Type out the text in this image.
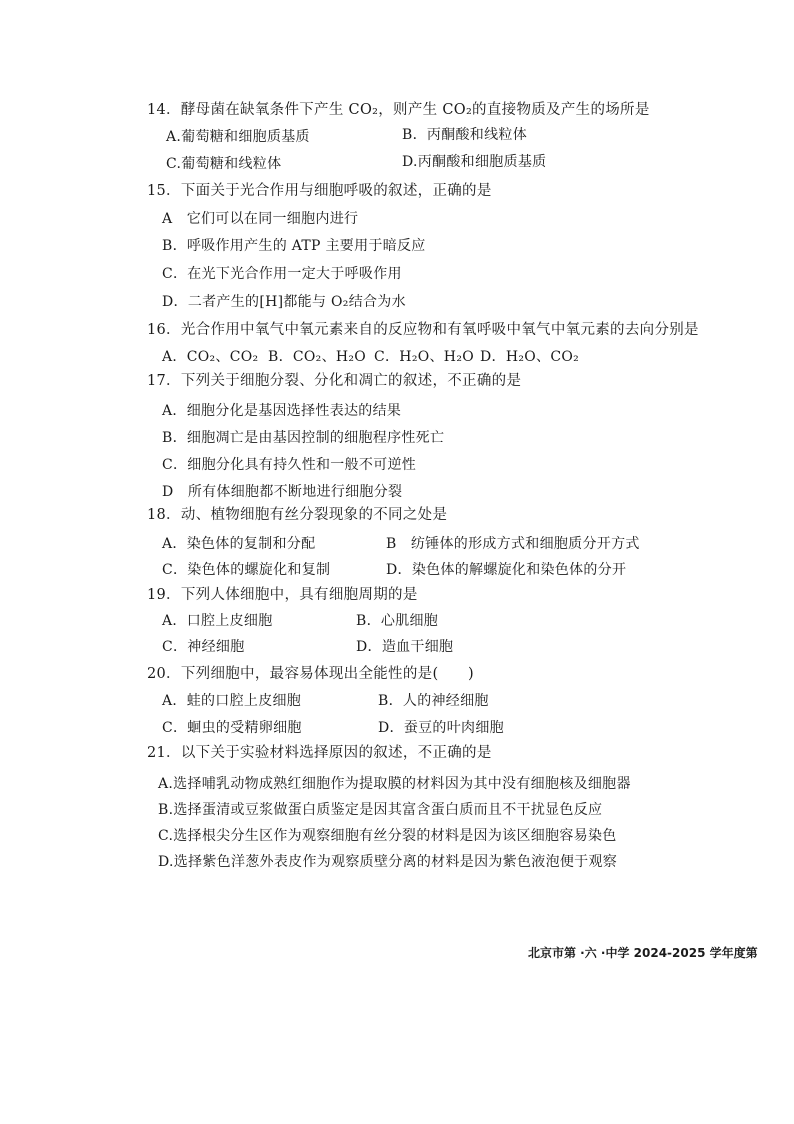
14．酵母菌在缺氧条件下产生 CO₂，则产生 CO₂的直接物质及产生的场所是
A.葡萄糖和细胞质基质	B．丙酮酸和线粒体
C.葡萄糖和线粒体	D.丙酮酸和细胞质基质
15．下面关于光合作用与细胞呼吸的叙述，正确的是
A　它们可以在同一细胞内进行
B．呼吸作用产生的 ATP 主要用于暗反应
C．在光下光合作用一定大于呼吸作用
D．二者产生的[H]都能与 O₂结合为水
16．光合作用中氧气中氧元素来自的反应物和有氧呼吸中氧气中氧元素的去向分别是
A．CO₂、CO₂ B．CO₂、H₂O C．H₂O、H₂O D．H₂O、CO₂
17．下列关于细胞分裂、分化和凋亡的叙述，不正确的是
A．细胞分化是基因选择性表达的结果
B．细胞凋亡是由基因控制的细胞程序性死亡
C．细胞分化具有持久性和一般不可逆性
D　所有体细胞都不断地进行细胞分裂
18．动、植物细胞有丝分裂现象的不同之处是
A．染色体的复制和分配	B　纺锤体的形成方式和细胞质分开方式
C．染色体的螺旋化和复制	D．染色体的解螺旋化和染色体的分开
19．下列人体细胞中，具有细胞周期的是
A．口腔上皮细胞	B．心肌细胞
C．神经细胞	D．造血干细胞
20．下列细胞中，最容易体现出全能性的是(　　)
A．蛙的口腔上皮细胞	B．人的神经细胞
C．蛔虫的受精卵细胞	D．蚕豆的叶肉细胞
21．以下关于实验材料选择原因的叙述，不正确的是
A.选择哺乳动物成熟红细胞作为提取膜的材料因为其中没有细胞核及细胞器
B.选择蛋清或豆浆做蛋白质鉴定是因其富含蛋白质而且不干扰显色反应
C.选择根尖分生区作为观察细胞有丝分裂的材料是因为该区细胞容易染色
D.选择紫色洋葱外表皮作为观察质壁分离的材料是因为紫色液泡便于观察
北京市第 ·六 ·中学 2024-2025 学年度第
